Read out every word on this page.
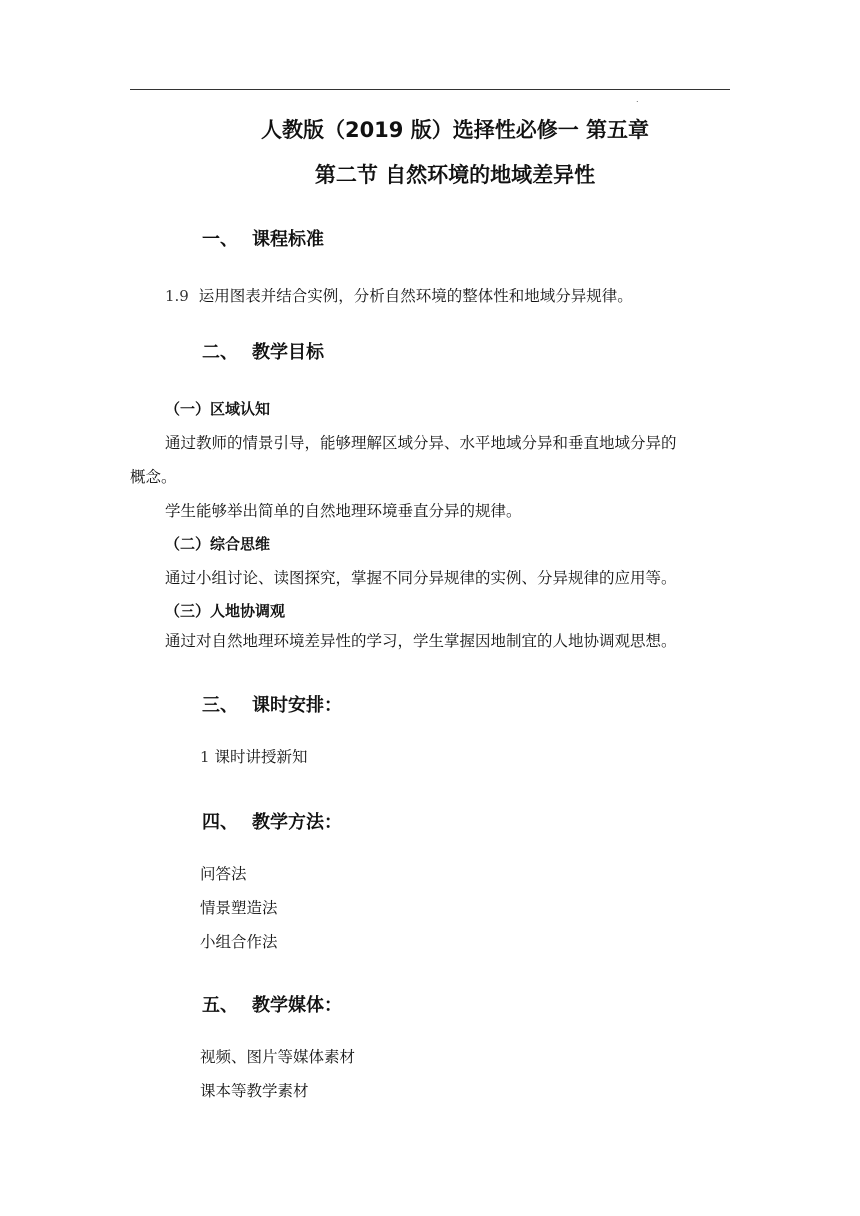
.
人教版（2019 版）选择性必修一 第五章
第二节 自然环境的地域差异性
一、 课程标准
1.9 运用图表并结合实例，分析自然环境的整体性和地域分异规律。
二、 教学目标
（一）区域认知
通过教师的情景引导，能够理解区域分异、水平地域分异和垂直地域分异的
概念。
学生能够举出简单的自然地理环境垂直分异的规律。
（二）综合思维
通过小组讨论、读图探究，掌握不同分异规律的实例、分异规律的应用等。
（三）人地协调观
通过对自然地理环境差异性的学习，学生掌握因地制宜的人地协调观思想。
三、 课时安排：
1 课时讲授新知
四、 教学方法：
问答法
情景塑造法
小组合作法
五、 教学媒体：
视频、图片等媒体素材
课本等教学素材
